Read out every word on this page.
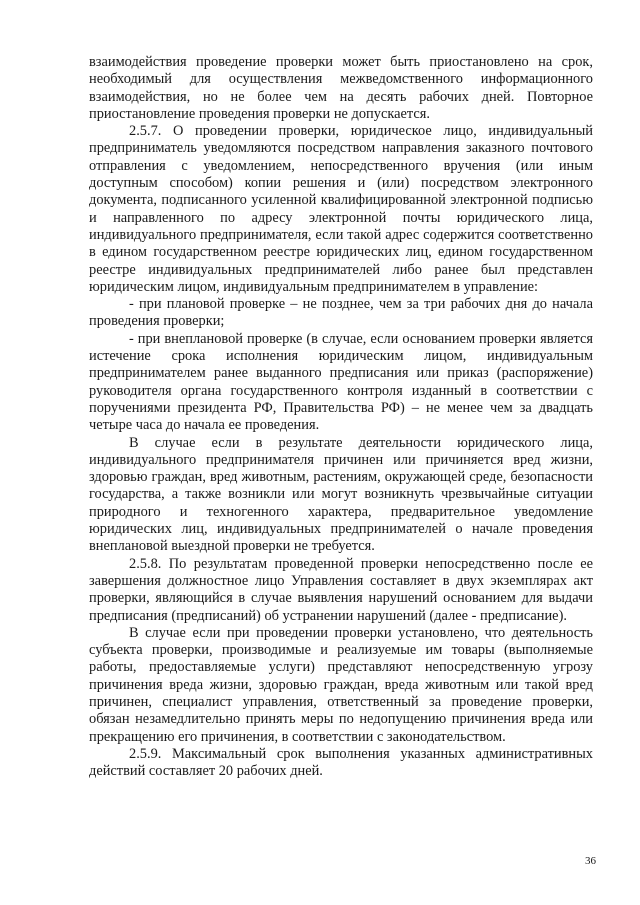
взаимодействия проведение проверки может быть приостановлено на срок, необходимый для осуществления межведомственного информационного взаимодействия, но не более чем на десять рабочих дней. Повторное приостановление проведения проверки не допускается.

2.5.7. О проведении проверки, юридическое лицо, индивидуальный предприниматель уведомляются посредством направления заказного почтового отправления с уведомлением, непосредственного вручения (или иным доступным способом) копии решения и (или) посредством электронного документа, подписанного усиленной квалифицированной электронной подписью и направленного по адресу электронной почты юридического лица, индивидуального предпринимателя, если такой адрес содержится соответственно в едином государственном реестре юридических лиц, едином государственном реестре индивидуальных предпринимателей либо ранее был представлен юридическим лицом, индивидуальным предпринимателем в управление:

- при плановой проверке – не позднее, чем за три рабочих дня до начала проведения проверки;

- при внеплановой проверке (в случае, если основанием проверки является истечение срока исполнения юридическим лицом, индивидуальным предпринимателем ранее выданного предписания или приказ (распоряжение) руководителя органа государственного контроля изданный в соответствии с поручениями президента РФ, Правительства РФ) – не менее чем за двадцать четыре часа до начала ее проведения.

В случае если в результате деятельности юридического лица, индивидуального предпринимателя причинен или причиняется вред жизни, здоровью граждан, вред животным, растениям, окружающей среде, безопасности государства, а также возникли или могут возникнуть чрезвычайные ситуации природного и техногенного характера, предварительное уведомление юридических лиц, индивидуальных предпринимателей о начале проведения внеплановой выездной проверки не требуется.

2.5.8. По результатам проведенной проверки непосредственно после ее завершения должностное лицо Управления составляет в двух экземплярах акт проверки, являющийся в случае выявления нарушений основанием для выдачи предписания (предписаний) об устранении нарушений (далее - предписание).

В случае если при проведении проверки установлено, что деятельность субъекта проверки, производимые и реализуемые им товары (выполняемые работы, предоставляемые услуги) представляют непосредственную угрозу причинения вреда жизни, здоровью граждан, вреда животным или такой вред причинен, специалист управления, ответственный за проведение проверки, обязан незамедлительно принять меры по недопущению причинения вреда или прекращению его причинения, в соответствии с законодательством.

2.5.9. Максимальный срок выполнения указанных административных действий составляет 20 рабочих дней.

36
